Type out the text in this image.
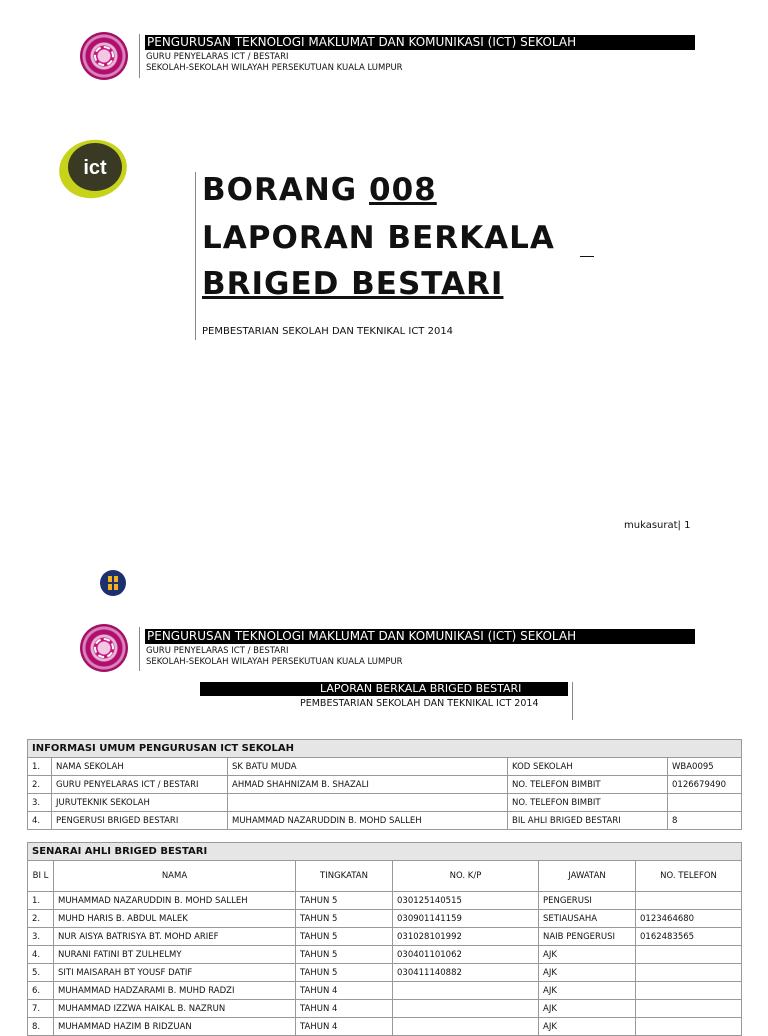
PENGURUSAN TEKNOLOGI MAKLUMAT DAN KOMUNIKASI (ICT) SEKOLAH
GURU PENYELARAS ICT / BESTARI
SEKOLAH-SEKOLAH WILAYAH PERSEKUTUAN KUALA LUMPUR
ict
BORANG 008
LAPORAN BERKALA
BRIGED BESTARI
PEMBESTARIAN SEKOLAH DAN TEKNIKAL ICT 2014
mukasurat| 1
PENGURUSAN TEKNOLOGI MAKLUMAT DAN KOMUNIKASI (ICT) SEKOLAH
GURU PENYELARAS ICT / BESTARI
SEKOLAH-SEKOLAH WILAYAH PERSEKUTUAN KUALA LUMPUR
LAPORAN BERKALA BRIGED BESTARI
PEMBESTARIAN SEKOLAH DAN TEKNIKAL ICT 2014
INFORMASI UMUM PENGURUSAN ICT SEKOLAH				
1.	NAMA SEKOLAH	SK BATU MUDA	KOD SEKOLAH	WBA0095
2.	GURU PENYELARAS ICT / BESTARI	AHMAD SHAHNIZAM B. SHAZALI	NO. TELEFON BIMBIT	0126679490
3.	JURUTEKNIK SEKOLAH		NO. TELEFON BIMBIT	
4.	PENGERUSI BRIGED BESTARI	MUHAMMAD NAZARUDDIN B. MOHD SALLEH	BIL AHLI BRIGED BESTARI	8
SENARAI AHLI BRIGED BESTARI					
BI L	NAMA	TINGKATAN	NO. K/P	JAWATAN	NO. TELEFON
1.	MUHAMMAD NAZARUDDIN B. MOHD SALLEH	TAHUN 5	030125140515	PENGERUSI	
2.	MUHD HARIS B. ABDUL MALEK	TAHUN 5	030901141159	SETIAUSAHA	0123464680
3.	NUR AISYA BATRISYA BT. MOHD ARIEF	TAHUN 5	031028101992	NAIB PENGERUSI	0162483565
4.	NURANI FATINI BT ZULHELMY	TAHUN 5	030401101062	AJK	
5.	SITI MAISARAH BT YOUSF DATIF	TAHUN 5	030411140882	AJK	
6.	MUHAMMAD HADZARAMI B. MUHD RADZI	TAHUN 4		AJK	
7.	MUHAMMAD IZZWA HAIKAL B. NAZRUN	TAHUN 4		AJK	
8.	MUHAMMAD HAZIM B RIDZUAN	TAHUN 4		AJK	
